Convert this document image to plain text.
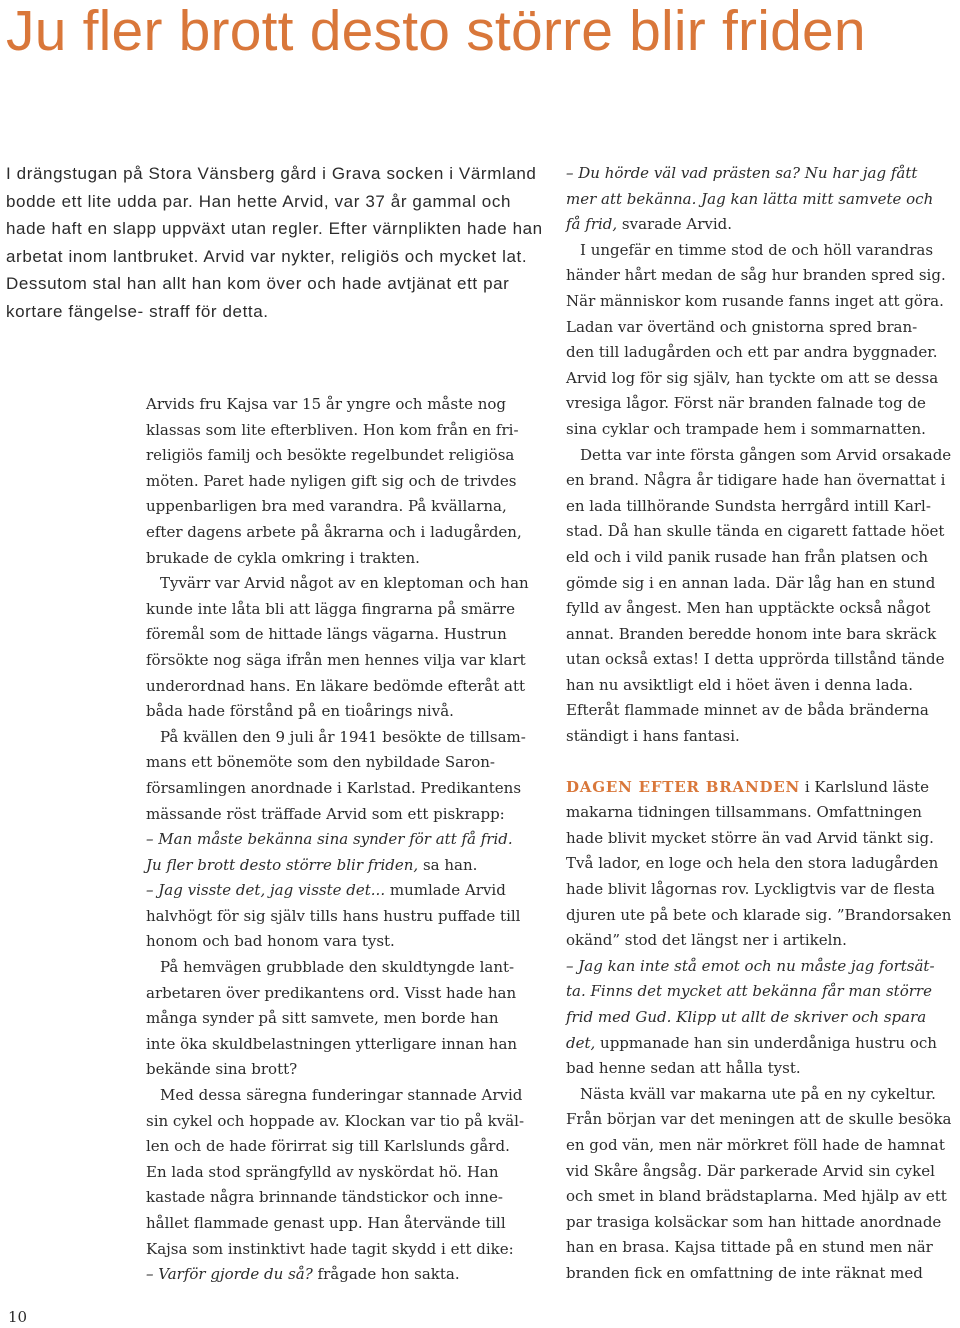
Ju fler brott desto större blir friden

I drängstugan på Stora Vänsberg gård i Grava socken i Värmland bodde ett lite udda par. Han hette Arvid, var 37 år gammal och hade haft en slapp uppväxt utan regler. Efter värnplikten hade han arbetat inom lantbruket. Arvid var nykter, religiös och mycket lat. Dessutom stal han allt han kom över och hade avtjänat ett par kortare fängelse- straff för detta.

Arvids fru Kajsa var 15 år yngre och måste nog
klassas som lite efterbliven. Hon kom från en fri-
religiös familj och besökte regelbundet religiösa
möten. Paret hade nyligen gift sig och de trivdes
uppenbarligen bra med varandra. På kvällarna,
efter dagens arbete på åkrarna och i ladugården,
brukade de cykla omkring i trakten.

Tyvärr var Arvid något av en kleptoman och han
kunde inte låta bli att lägga fingrarna på smärre
föremål som de hittade längs vägarna. Hustrun
försökte nog säga ifrån men hennes vilja var klart
underordnad hans. En läkare bedömde efteråt att
båda hade förstånd på en tioårings nivå.

På kvällen den 9 juli år 1941 besökte de tillsam-
mans ett bönemöte som den nybildade Saron-
församlingen anordnade i Karlstad. Predikantens
mässande röst träffade Arvid som ett piskrapp:

– Man måste bekänna sina synder för att få frid.
Ju fler brott desto större blir friden, sa han.
– Jag visste det, jag visste det... mumlade Arvid
halvhögt för sig själv tills hans hustru puffade till
honom och bad honom vara tyst.

På hemvägen grubblade den skuldtyngde lant-
arbetaren över predikantens ord. Visst hade han
många synder på sitt samvete, men borde han
inte öka skuldbelastningen ytterligare innan han
bekände sina brott?

Med dessa säregna funderingar stannade Arvid
sin cykel och hoppade av. Klockan var tio på kväl-
len och de hade förirrat sig till Karlslunds gård.
En lada stod sprängfylld av nyskördat hö. Han
kastade några brinnande tändstickor och inne-
hållet flammade genast upp. Han återvände till
Kajsa som instinktivt hade tagit skydd i ett dike:

– Varför gjorde du så? frågade hon sakta.

– Du hörde väl vad prästen sa? Nu har jag fått
mer att bekänna. Jag kan lätta mitt samvete och
få frid, svarade Arvid.

I ungefär en timme stod de och höll varandras
händer hårt medan de såg hur branden spred sig.
När människor kom rusande fanns inget att göra.
Ladan var övertänd och gnistorna spred bran-
den till ladugården och ett par andra byggnader.
Arvid log för sig själv, han tyckte om att se dessa
vresiga lågor. Först när branden falnade tog de
sina cyklar och trampade hem i sommarnatten.

Detta var inte första gången som Arvid orsakade
en brand. Några år tidigare hade han övernattat i
en lada tillhörande Sundsta herrgård intill Karl-
stad. Då han skulle tända en cigarett fattade höet
eld och i vild panik rusade han från platsen och
gömde sig i en annan lada. Där låg han en stund
fylld av ångest. Men han upptäckte också något
annat. Branden beredde honom inte bara skräck
utan också extas! I detta upprörda tillstånd tände
han nu avsiktligt eld i höet även i denna lada.
Efteråt flammade minnet av de båda bränderna
ständigt i hans fantasi.

DAGEN EFTER BRANDEN i Karlslund läste
makarna tidningen tillsammans. Omfattningen
hade blivit mycket större än vad Arvid tänkt sig.
Två lador, en loge och hela den stora ladugården
hade blivit lågornas rov. Lyckligtvis var de flesta
djuren ute på bete och klarade sig. ”Brandorsaken
okänd” stod det längst ner i artikeln.

– Jag kan inte stå emot och nu måste jag fortsät-
ta. Finns det mycket att bekänna får man större
frid med Gud. Klipp ut allt de skriver och spara
det, uppmanade han sin underdåniga hustru och
bad henne sedan att hålla tyst.

Nästa kväll var makarna ute på en ny cykeltur.
Från början var det meningen att de skulle besöka
en god vän, men när mörkret föll hade de hamnat
vid Skåre ångsåg. Där parkerade Arvid sin cykel
och smet in bland brädstaplarna. Med hjälp av ett
par trasiga kolsäckar som han hittade anordnade
han en brasa. Kajsa tittade på en stund men när
branden fick en omfattning de inte räknat med

10
